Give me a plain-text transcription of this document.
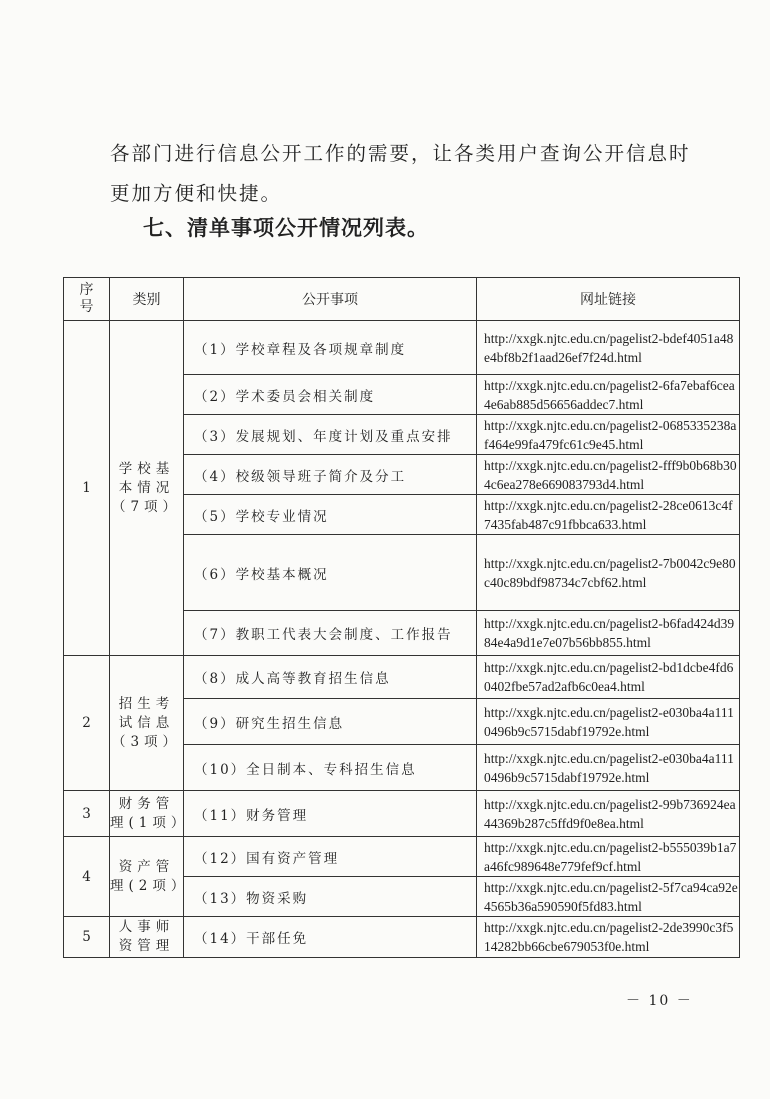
各部门进行信息公开工作的需要，让各类用户查询公开信息时
更加方便和快捷。
七、清单事项公开情况列表。
序号	类别	公开事项	网址链接
1	学校基本情况（7项）	（1）学校章程及各项规章制度	http://xxgk.njtc.edu.cn/pagelist2-bdef4051a48e4bf8b2f1aad26ef7f24d.html
		（2）学术委员会相关制度	http://xxgk.njtc.edu.cn/pagelist2-6fa7ebaf6cea4e6ab885d56656addec7.html
		（3）发展规划、年度计划及重点安排	http://xxgk.njtc.edu.cn/pagelist2-0685335238af464e99fa479fc61c9e45.html
		（4）校级领导班子简介及分工	http://xxgk.njtc.edu.cn/pagelist2-fff9b0b68b304c6ea278e669083793d4.html
		（5）学校专业情况	http://xxgk.njtc.edu.cn/pagelist2-28ce0613c4f7435fab487c91fbbca633.html
		（6）学校基本概况	http://xxgk.njtc.edu.cn/pagelist2-7b0042c9e80c40c89bdf98734c7cbf62.html
		（7）教职工代表大会制度、工作报告	http://xxgk.njtc.edu.cn/pagelist2-b6fad424d3984e4a9d1e7e07b56bb855.html
2	招生考试信息（3项）	（8）成人高等教育招生信息	http://xxgk.njtc.edu.cn/pagelist2-bd1dcbe4fd60402fbe57ad2afb6c0ea4.html
		（9）研究生招生信息	http://xxgk.njtc.edu.cn/pagelist2-e030ba4a1110496b9c5715dabf19792e.html
		（10）全日制本、专科招生信息	http://xxgk.njtc.edu.cn/pagelist2-e030ba4a1110496b9c5715dabf19792e.html
3	财务管理(1项）	（11）财务管理	http://xxgk.njtc.edu.cn/pagelist2-99b736924ea44369b287c5ffd9f0e8ea.html
4	资产管理(2项）	（12）国有资产管理	http://xxgk.njtc.edu.cn/pagelist2-b555039b1a7a46fc989648e779fef9cf.html
		（13）物资采购	http://xxgk.njtc.edu.cn/pagelist2-5f7ca94ca92e4565b36a590590f5fd83.html
5	人事师资管理	（14）干部任免	http://xxgk.njtc.edu.cn/pagelist2-2de3990c3f514282bb66cbe679053f0e.html
－ 10 －
